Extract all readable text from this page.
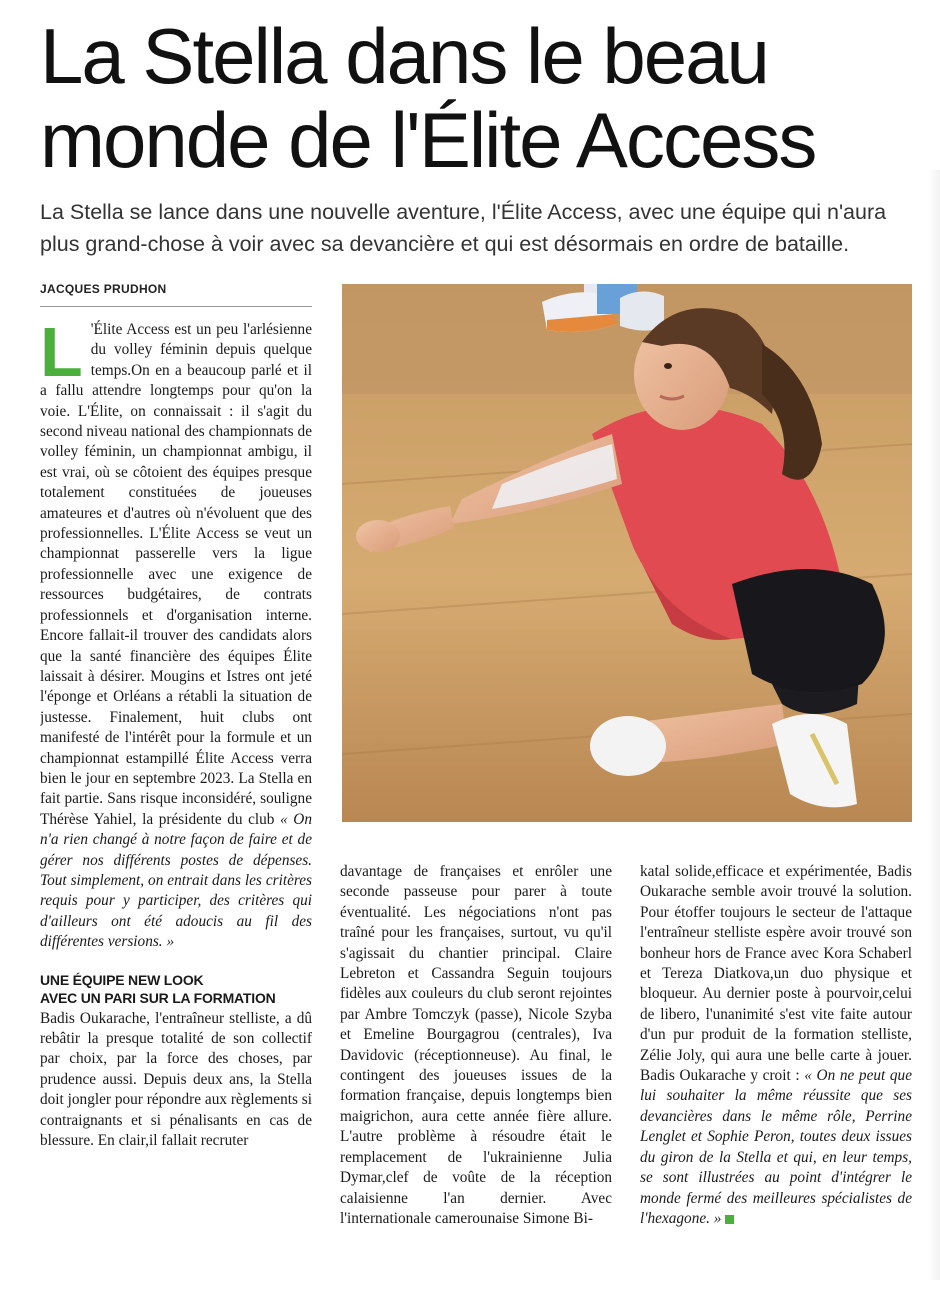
La Stella dans le beau monde de l'Élite Access

La Stella se lance dans une nouvelle aventure, l'Élite Access, avec une équipe qui n'aura plus grand-chose à voir avec sa devancière et qui est désormais en ordre de bataille.

JACQUES PRUDHON

L 'Élite Access est un peu l'arlésienne du volley féminin depuis quelque temps.On en a beaucoup parlé et il a fallu attendre longtemps pour qu'on la voie. L'Élite, on connaissait : il s'agit du second niveau national des championnats de volley féminin, un championnat ambigu, il est vrai, où se côtoient des équipes presque totalement constituées de joueuses amateures et d'autres où n'évoluent que des professionnelles. L'Élite Access se veut un championnat passerelle vers la ligue professionnelle avec une exigence de ressources budgétaires, de contrats professionnels et d'organisation interne. Encore fallait-il trouver des candidats alors que la santé financière des équipes Élite laissait à désirer. Mougins et Istres ont jeté l'éponge et Orléans a rétabli la situation de justesse. Finalement, huit clubs ont manifesté de l'intérêt pour la formule et un championnat estampillé Élite Access verra bien le jour en septembre 2023. La Stella en fait partie. Sans risque inconsidéré, souligne Thérèse Yahiel, la présidente du club « On n'a rien changé à notre façon de faire et de gérer nos différents postes de dépenses. Tout simplement, on entrait dans les critères requis pour y participer, des critères qui d'ailleurs ont été adoucis au fil des différentes versions. »

UNE ÉQUIPE NEW LOOK
AVEC UN PARI SUR LA FORMATION

Badis Oukarache, l'entraîneur stelliste, a dû rebâtir la presque totalité de son collectif par choix, par la force des choses, par prudence aussi. Depuis deux ans, la Stella doit jongler pour répondre aux règlements si contraignants et si pénalisants en cas de blessure. En clair,il fallait recruter

davantage de françaises et enrôler une seconde passeuse pour parer à toute éventualité. Les négociations n'ont pas traîné pour les françaises, surtout, vu qu'il s'agissait du chantier principal. Claire Lebreton et Cassandra Seguin toujours fidèles aux couleurs du club seront rejointes par Ambre Tomczyk (passe), Nicole Szyba et Emeline Bourgagrou (centrales), Iva Davidovic (réceptionneuse). Au final, le contingent des joueuses issues de la formation française, depuis longtemps bien maigrichon, aura cette année fière allure. L'autre problème à résoudre était le remplacement de l'ukrainienne Julia Dymar,clef de voûte de la réception calaisienne l'an dernier. Avec l'internationale camerounaise Simone Bi-

katal solide,efficace et expérimentée, Badis Oukarache semble avoir trouvé la solution. Pour étoffer toujours le secteur de l'attaque l'entraîneur stelliste espère avoir trouvé son bonheur hors de France avec Kora Schaberl et Tereza Diatkova,un duo physique et bloqueur. Au dernier poste à pourvoir,celui de libero, l'unanimité s'est vite faite autour d'un pur produit de la formation stelliste, Zélie Joly, qui aura une belle carte à jouer. Badis Oukarache y croit : « On ne peut que lui souhaiter la même réussite que ses devancières dans le même rôle, Perrine Lenglet et Sophie Peron, toutes deux issues du giron de la Stella et qui, en leur temps, se sont illustrées au point d'intégrer le monde fermé des meilleures spécialistes de l'hexagone. »
